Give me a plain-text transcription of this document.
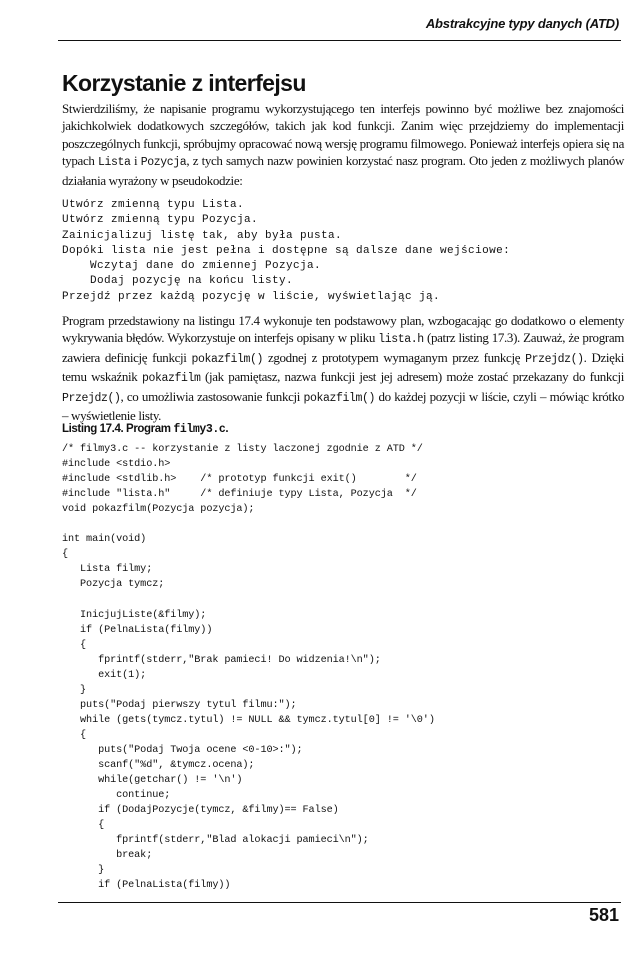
Abstrakcyjne typy danych (ATD)
Korzystanie z interfejsu

Stwierdziliśmy, że napisanie programu wykorzystującego ten interfejs powinno być możliwe bez znajomości jakichkolwiek dodatkowych szczegółów, takich jak kod funkcji. Zanim więc przejdziemy do implementacji poszczególnych funkcji, spróbujmy opracować nową wersję programu filmowego. Ponieważ interfejs opiera się na typach Lista i Pozycja, z tych samych nazw powinien korzystać nasz program. Oto jeden z możliwych planów działania wyrażony w pseudokodzie:

Utwórz zmienną typu Lista.
Utwórz zmienną typu Pozycja.
Zainicjalizuj listę tak, aby była pusta.
Dopóki lista nie jest pełna i dostępne są dalsze dane wejściowe:
Wczytaj dane do zmiennej Pozycja.
Dodaj pozycję na końcu listy.
Przejdź przez każdą pozycję w liście, wyświetlając ją.

Program przedstawiony na listingu 17.4 wykonuje ten podstawowy plan, wzbogacając go dodatkowo o elementy wykrywania błędów. Wykorzystuje on interfejs opisany w pliku lista.h (patrz listing 17.3). Zauważ, że program zawiera definicję funkcji pokazfilm() zgodnej z prototypem wymaganym przez funkcję Przejdz(). Dzięki temu wskaźnik pokazfilm (jak pamiętasz, nazwa funkcji jest jej adresem) może zostać przekazany do funkcji Przejdz(), co umożliwia zastosowanie funkcji pokazfilm() do każdej pozycji w liście, czyli – mówiąc krótko – wyświetlenie listy.

Listing 17.4. Program filmy3.c.

/* filmy3.c -- korzystanie z listy laczonej zgodnie z ATD */
#include <stdio.h>
#include <stdlib.h>    /* prototyp funkcji exit()        */
#include "lista.h"     /* definiuje typy Lista, Pozycja  */
void pokazfilm(Pozycja pozycja);

int main(void)
{
Lista filmy;
Pozycja tymcz;

InicjujListe(&filmy);
if (PelnaLista(filmy))
{
fprintf(stderr,"Brak pamieci! Do widzenia!\n");
exit(1);
}
puts("Podaj pierwszy tytul filmu:");
while (gets(tymcz.tytul) != NULL && tymcz.tytul[0] != '\0')
{
puts("Podaj Twoja ocene <0-10>:");
scanf("%d", &tymcz.ocena);
while(getchar() != '\n')
continue;
if (DodajPozycje(tymcz, &filmy)== False)
{
fprintf(stderr,"Blad alokacji pamieci\n");
break;
}
if (PelnaLista(filmy))
581
